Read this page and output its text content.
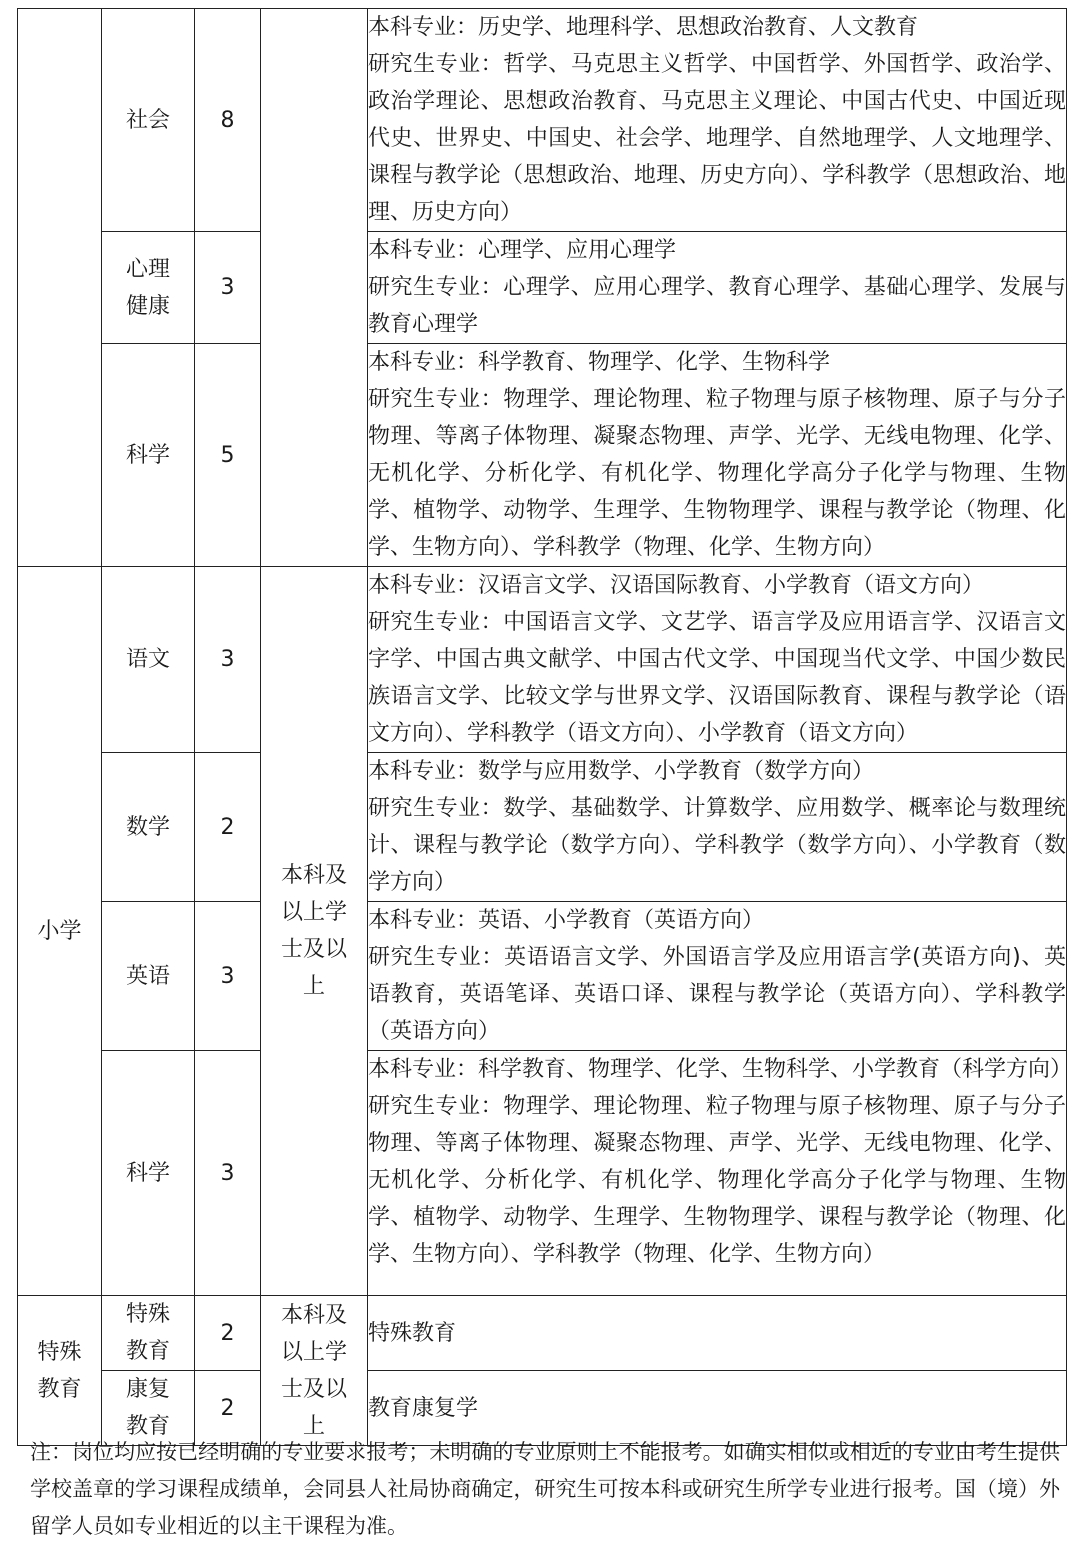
	社会	8		本科专业：历史学、地理科学、思想政治教育、人文教育
研究生专业：哲学、马克思主义哲学、中国哲学、外国哲学、政治学、政治学理论、思想政治教育、马克思主义理论、中国古代史、中国近现代史、世界史、中国史、社会学、地理学、自然地理学、人文地理学、课程与教学论（思想政治、地理、历史方向）、学科教学（思想政治、地理、历史方向）

	心理健康	3		本科专业：心理学、应用心理学
研究生专业：心理学、应用心理学、教育心理学、基础心理学、发展与教育心理学

	科学	5		本科专业：科学教育、物理学、化学、生物科学
研究生专业：物理学、理论物理、粒子物理与原子核物理、原子与分子物理、等离子体物理、凝聚态物理、声学、光学、无线电物理、化学、无机化学、分析化学、有机化学、物理化学高分子化学与物理、生物学、植物学、动物学、生理学、生物物理学、课程与教学论（物理、化学、生物方向）、学科教学（物理、化学、生物方向）

小学	语文	3	本科及以上学士及以上	本科专业：汉语言文学、汉语国际教育、小学教育（语文方向）
研究生专业：中国语言文学、文艺学、语言学及应用语言学、汉语言文字学、中国古典文献学、中国古代文学、中国现当代文学、中国少数民族语言文学、比较文学与世界文学、汉语国际教育、课程与教学论（语文方向）、学科教学（语文方向）、小学教育（语文方向）

	数学	2		本科专业：数学与应用数学、小学教育（数学方向）
研究生专业：数学、基础数学、计算数学、应用数学、概率论与数理统计、课程与教学论（数学方向）、学科教学（数学方向）、小学教育（数学方向）

	英语	3		本科专业：英语、小学教育（英语方向）
研究生专业：英语语言文学、外国语言学及应用语言学(英语方向)、英语教育，英语笔译、英语口译、课程与教学论（英语方向）、学科教学（英语方向）

	科学	3		本科专业：科学教育、物理学、化学、生物科学、小学教育（科学方向）
研究生专业：物理学、理论物理、粒子物理与原子核物理、原子与分子物理、等离子体物理、凝聚态物理、声学、光学、无线电物理、化学、无机化学、分析化学、有机化学、物理化学高分子化学与物理、生物学、植物学、动物学、生理学、生物物理学、课程与教学论（物理、化学、生物方向）、学科教学（物理、化学、生物方向）

特殊教育	特殊教育	2	本科及以上学士及以上	特殊教育
	康复教育	2		教育康复学

注：岗位均应按已经明确的专业要求报考；未明确的专业原则上不能报考。如确实相似或相近的专业由考生提供学校盖章的学习课程成绩单，会同县人社局协商确定，研究生可按本科或研究生所学专业进行报考。国（境）外留学人员如专业相近的以主干课程为准。
